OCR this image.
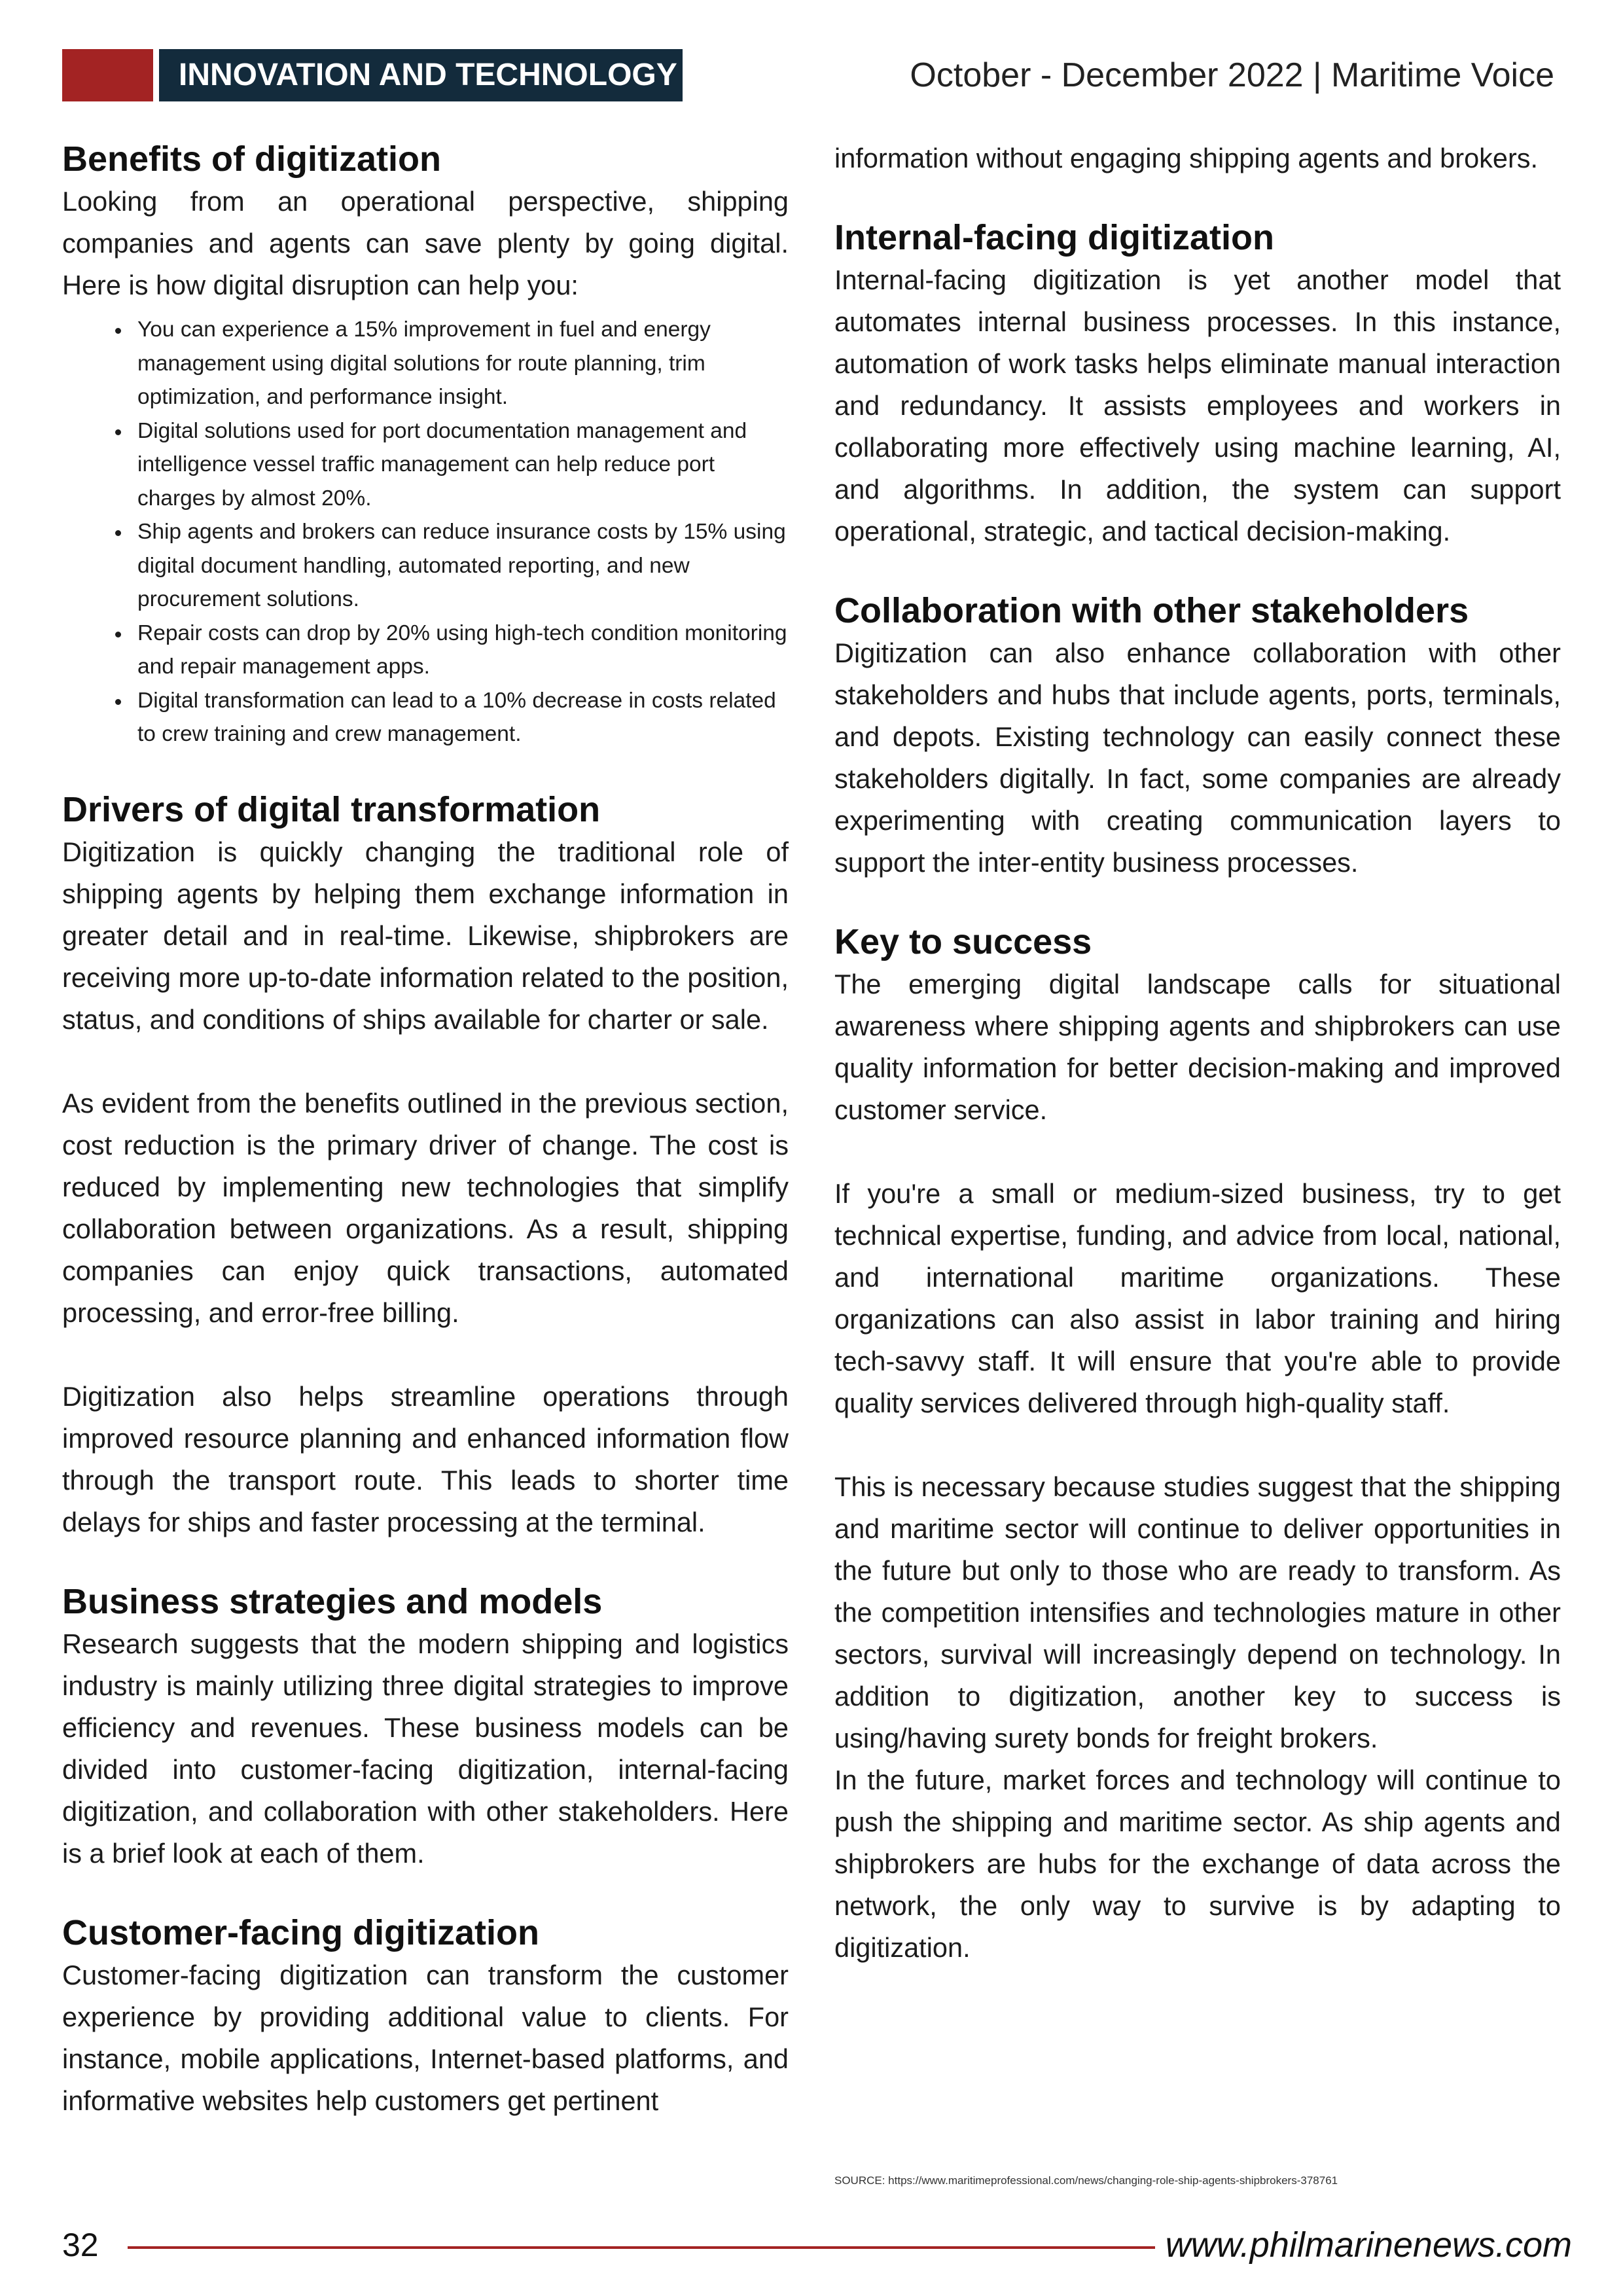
INNOVATION AND TECHNOLOGY	October - December 2022 | Maritime Voice
Benefits of digitization

Looking from an operational perspective, shipping companies and agents can save plenty by going digital. Here is how digital disruption can help you:

• You can experience a 15% improvement in fuel and energy management using digital solutions for route planning, trim optimization, and performance insight.
• Digital solutions used for port documentation management and intelligence vessel traffic management can help reduce port charges by almost 20%.
• Ship agents and brokers can reduce insurance costs by 15% using digital document handling, automated reporting, and new procurement solutions.
• Repair costs can drop by 20% using high-tech condition monitoring and repair management apps.
• Digital transformation can lead to a 10% decrease in costs related to crew training and crew management.
Drivers of digital transformation

Digitization is quickly changing the traditional role of shipping agents by helping them exchange information in greater detail and in real-time. Likewise, shipbrokers are receiving more up-to-date information related to the position, status, and conditions of ships available for charter or sale.

As evident from the benefits outlined in the previous section, cost reduction is the primary driver of change. The cost is reduced by implementing new technologies that simplify collaboration between organizations. As a result, shipping companies can enjoy quick transactions, automated processing, and error-free billing.

Digitization also helps streamline operations through improved resource planning and enhanced information flow through the transport route. This leads to shorter time delays for ships and faster processing at the terminal.

Business strategies and models

Research suggests that the modern shipping and logistics industry is mainly utilizing three digital strategies to improve efficiency and revenues. These business models can be divided into customer-facing digitization, internal-facing digitization, and collaboration with other stakeholders. Here is a brief look at each of them.

Customer-facing digitization

Customer-facing digitization can transform the customer experience by providing additional value to clients. For instance, mobile applications, Internet-based platforms, and informative websites help customers get pertinent

information without engaging shipping agents and brokers.

Internal-facing digitization

Internal-facing digitization is yet another model that automates internal business processes. In this instance, automation of work tasks helps eliminate manual interaction and redundancy. It assists employees and workers in collaborating more effectively using machine learning, AI, and algorithms. In addition, the system can support operational, strategic, and tactical decision-making.

Collaboration with other stakeholders

Digitization can also enhance collaboration with other stakeholders and hubs that include agents, ports, terminals, and depots. Existing technology can easily connect these stakeholders digitally. In fact, some companies are already experimenting with creating communication layers to support the inter-entity business processes.

Key to success

The emerging digital landscape calls for situational awareness where shipping agents and shipbrokers can use quality information for better decision-making and improved customer service.

If you're a small or medium-sized business, try to get technical expertise, funding, and advice from local, national, and international maritime organizations. These organizations can also assist in labor training and hiring tech-savvy staff. It will ensure that you're able to provide quality services delivered through high-quality staff.

This is necessary because studies suggest that the shipping and maritime sector will continue to deliver opportunities in the future but only to those who are ready to transform. As the competition intensifies and technologies mature in other sectors, survival will increasingly depend on technology. In addition to digitization, another key to success is using/having surety bonds for freight brokers.

In the future, market forces and technology will continue to push the shipping and maritime sector. As ship agents and shipbrokers are hubs for the exchange of data across the network, the only way to survive is by adapting to digitization.

SOURCE: https://www.maritimeprofessional.com/news/changing-role-ship-agents-shipbrokers-378761
32	www.philmarinenews.com
